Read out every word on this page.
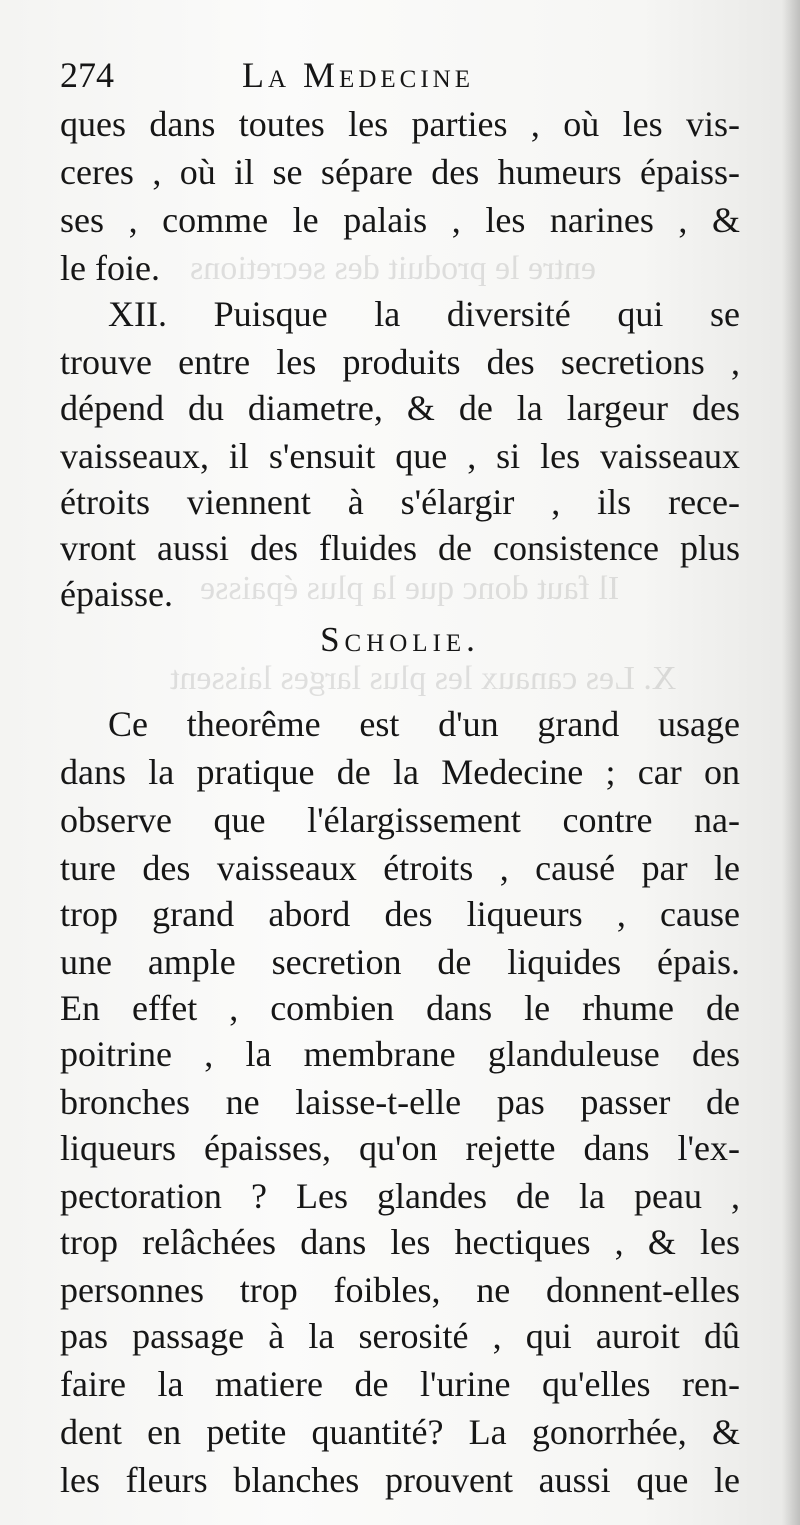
entre le produit des secretions
Il faut donc que la plus épaisse
X. Les canaux les plus larges laissent
274	La Medecine
ques dans toutes les parties , où les vis-
ceres , où il se sépare des humeurs épaiss-
ses , comme le palais , les narines , &
le foie.
XII. Puisque la diversité qui se
trouve entre les produits des secretions ,
dépend du diametre, & de la largeur des
vaisseaux, il s'ensuit que , si les vaisseaux
étroits viennent à s'élargir , ils rece-
vront aussi des fluides de consistence plus
épaisse.
Scholie.
Ce theorême est d'un grand usage
dans la pratique de la Medecine ; car on
observe que l'élargissement contre na-
ture des vaisseaux étroits , causé par le
trop grand abord des liqueurs , cause
une ample secretion de liquides épais.
En effet , combien dans le rhume de
poitrine , la membrane glanduleuse des
bronches ne laisse-t-elle pas passer de
liqueurs épaisses, qu'on rejette dans l'ex-
pectoration ? Les glandes de la peau ,
trop relâchées dans les hectiques , & les
personnes trop foibles, ne donnent-elles
pas passage à la serosité , qui auroit dû
faire la matiere de l'urine qu'elles ren-
dent en petite quantité? La gonorrhée, &
les fleurs blanches prouvent aussi que le
